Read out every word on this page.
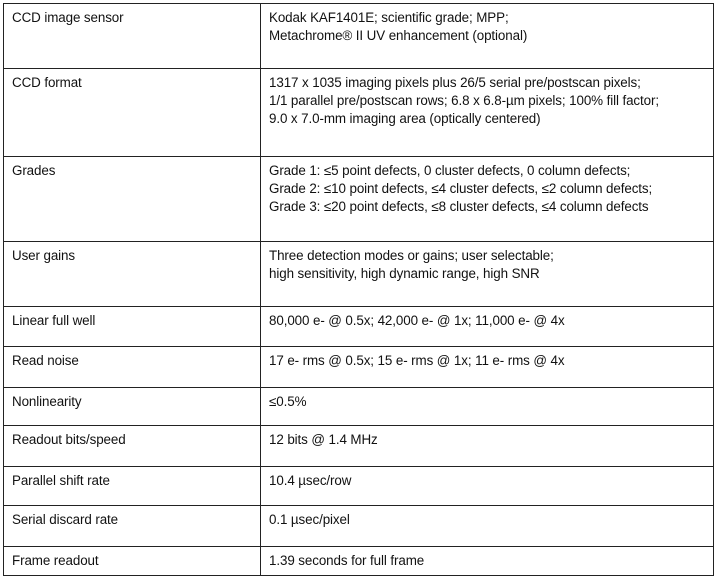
CCD image sensor	Kodak KAF1401E; scientific grade; MPP;
Metachrome® II UV enhancement (optional)

CCD format	1317 x 1035 imaging pixels plus 26/5 serial pre/postscan pixels;
1/1 parallel pre/postscan rows; 6.8 x 6.8-µm pixels; 100% fill factor;
9.0 x 7.0-mm imaging area (optically centered)

Grades	Grade 1: ≤5 point defects, 0 cluster defects, 0 column defects;
Grade 2: ≤10 point defects, ≤4 cluster defects, ≤2 column defects;
Grade 3: ≤20 point defects, ≤8 cluster defects, ≤4 column defects

User gains	Three detection modes or gains; user selectable;
high sensitivity, high dynamic range, high SNR

Linear full well	80,000 e- @ 0.5x; 42,000 e- @ 1x; 11,000 e- @ 4x

Read noise	17 e- rms @ 0.5x; 15 e- rms @ 1x; 11 e- rms @ 4x

Nonlinearity	≤0.5%

Readout bits/speed	12 bits @ 1.4 MHz

Parallel shift rate	10.4 µsec/row

Serial discard rate	0.1 µsec/pixel

Frame readout	1.39 seconds for full frame
